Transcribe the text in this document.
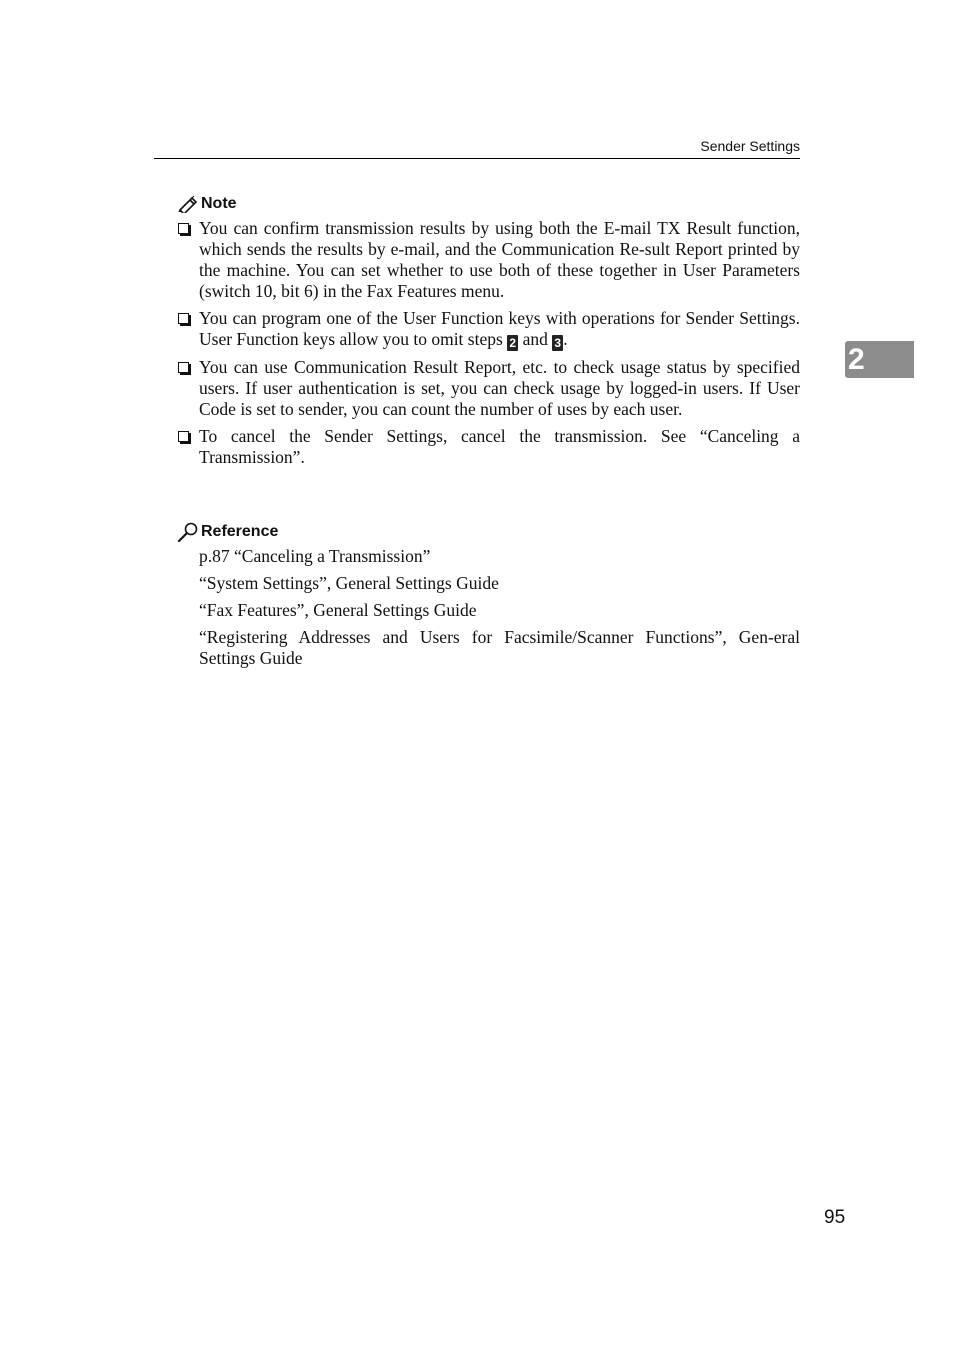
Sender Settings
2
Note
You can confirm transmission results by using both the E-mail TX Result function, which sends the results by e-mail, and the Communication Re-sult Report printed by the machine. You can set whether to use both of these together in User Parameters (switch 10, bit 6) in the Fax Features menu.
You can program one of the User Function keys with operations for Sender Settings. User Function keys allow you to omit steps 2 and 3 .
You can use Communication Result Report, etc. to check usage status by specified users. If user authentication is set, you can check usage by logged-in users. If User Code is set to sender, you can count the number of uses by each user.
To cancel the Sender Settings, cancel the transmission. See “Canceling a Transmission”.
Reference
p.87 “Canceling a Transmission”
“System Settings”, General Settings Guide
“Fax Features”, General Settings Guide
“Registering Addresses and Users for Facsimile/Scanner Functions”, Gen-eral Settings Guide
95
